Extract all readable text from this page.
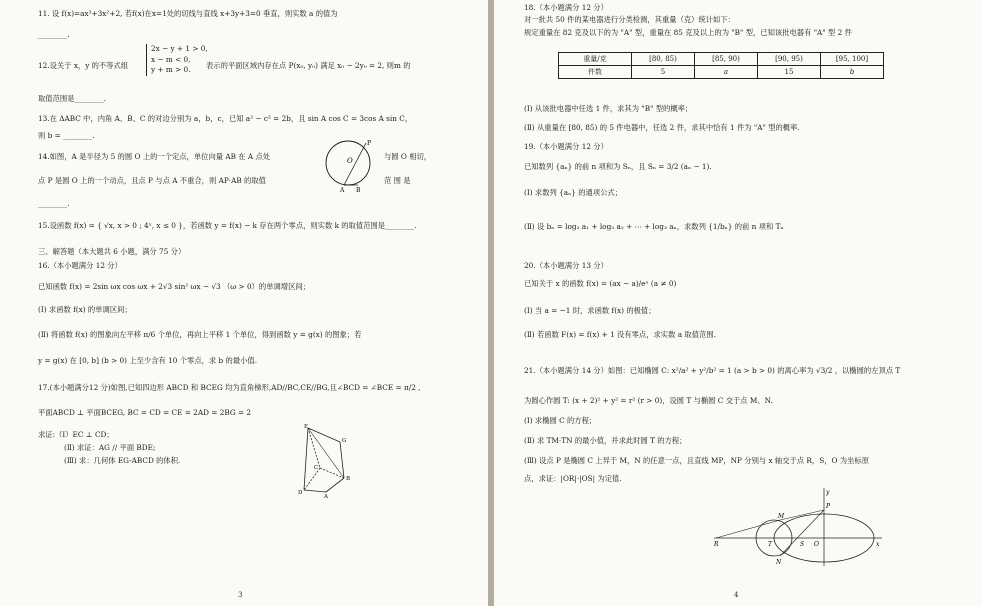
11. 设 f(x)=ax³+3x²+2, 若f(x)在x=1处的切线与直线 x+3y+3=0 垂直，则实数 a 的值为
________.
12.设关于 x，y 的不等式组
2x − y + 1 > 0,
x − m < 0,
y + m > 0.	表示的平面区域内存在点 P(x₀, y₀) 满足 x₀ − 2y₀ = 2, 则m 的
取值范围是________.
13.在 ΔABC 中，内角 A、B、C 的对边分别为 a，b，c，已知 a² − c² = 2b，且 sin A cos C = 3cos A sin C，
则 b = ________.
14.如图，A 是半径为 5 的圆 O 上的一个定点，单位向量 AB 在 A 点处	与圆 O 相切，
点 P 是圆 O 上的一个动点，且点 P 与点 A 不重合，则 AP·AB 的取值	范 围 是
________.
O
P
A B
15.设函数 f(x) = { √x, x > 0 ; 4ˣ, x ≤ 0 }，若函数 y = f(x) − k 存在两个零点，则实数 k 的取值范围是________.
三、解答题（本大题共 6 小题，满分 75 分）
16.（本小题满分 12 分）
已知函数 f(x) = 2sin ωx cos ωx + 2√3 sin² ωx − √3 （ω > 0）的单调增区间；
(Ⅰ) 求函数 f(x) 的单调区间；
(Ⅱ) 将函数 f(x) 的图象向左平移 π/6 个单位，再向上平移 1 个单位，得到函数 y = g(x) 的图象；若
y = g(x) 在 [0, b] (b > 0) 上至少含有 10 个零点，求 b 的最小值.
17.(本小题满分12 分)如图,已知四边形 ABCD 和 BCEG 均为直角梯形,AD//BC,CE//BG,且∠BCD = ∠BCE = π/2 ,
平面ABCD ⊥ 平面BCEG, BC = CD = CE = 2AD = 2BG = 2
求证:（Ⅰ）EC ⊥ CD；
(Ⅱ) 求证：AG // 平面 BDE;
(Ⅲ) 求：几何体 EG-ABCD 的体积.
E
G
C
B
D
A
3
18.（本小题满分 12 分）
对一批共 50 件的某电器进行分类检测，其重量（克）统计如下：
规定重量在 82 克及以下的为 "A" 型，重量在 85 克及以上的为 "B" 型，已知该批电器有 "A" 型 2 件
重量/克	[80, 85)	[85, 90)	[90, 95)	[95, 100]
件数	5	a	15	b
(Ⅰ) 从该批电器中任选 1 件，求其为 "B" 型的概率；
(Ⅱ) 从重量在 [80, 85) 的 5 件电器中，任选 2 件，求其中恰有 1 件为 "A" 型的概率.
19.（本小题满分 12 分）
已知数列 {aₙ} 的前 n 项和为 Sₙ，且 Sₙ = 3/2 (aₙ − 1).
(Ⅰ) 求数列 {aₙ} 的通项公式；
(Ⅱ) 设 bₙ = log₃ a₁ + log₃ a₂ + ⋯ + log₃ aₙ，求数列 {1/bₙ} 的前 n 项和 Tₙ
20.（本小题满分 13 分）
已知关于 x 的函数 f(x) = (ax − a)/eˣ (a ≠ 0)
(Ⅰ) 当 a = −1 时，求函数 f(x) 的极值；
(Ⅱ) 若函数 F(x) = f(x) + 1 没有零点，求实数 a 取值范围.
21.（本小题满分 14 分）如图：已知椭圆 C: x²/a² + y²/b² = 1 (a > b > 0) 的离心率为 √3/2 ，以椭圆的左顶点 T
为圆心作圆 T: (x + 2)² + y² = r² (r > 0)，设圆 T 与椭圆 C 交于点 M、N.
(Ⅰ) 求椭圆 C 的方程；
(Ⅱ) 求 TM·TN 的最小值，并求此时圆 T 的方程；
(Ⅲ) 设点 P 是椭圆 C 上异于 M，N 的任意一点，且直线 MP，NP 分别与 x 轴交于点 R，S，O 为坐标原
点，求证：|OR|·|OS| 为定值.
M
N
P
T	S O
R	x
y
4
